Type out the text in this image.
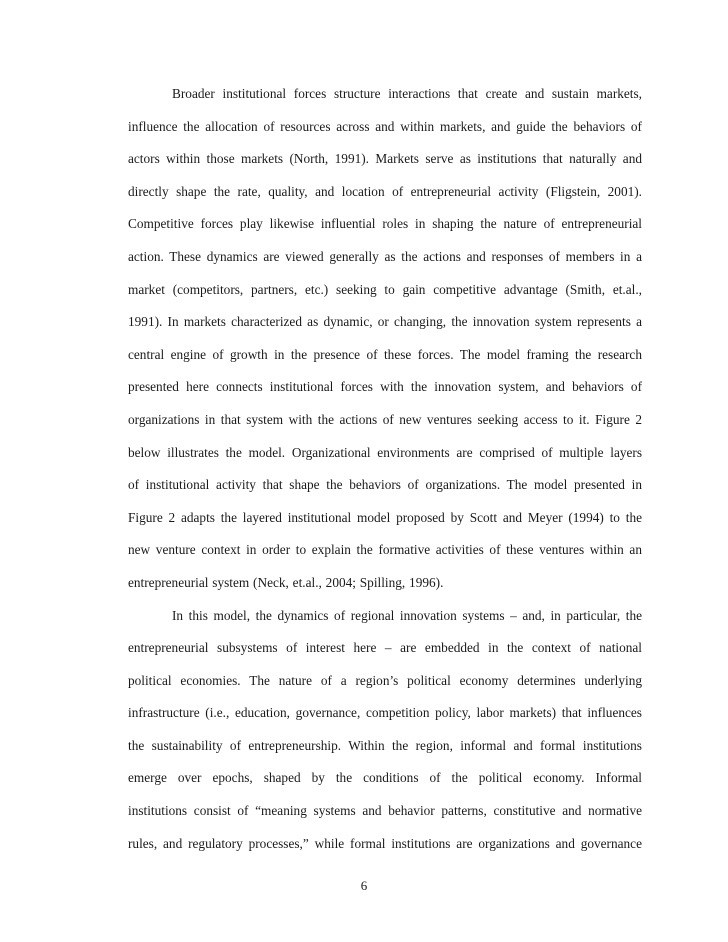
Broader institutional forces structure interactions that create and sustain markets,
influence the allocation of resources across and within markets, and guide the behaviors of
actors within those markets (North, 1991). Markets serve as institutions that naturally and
directly shape the rate, quality, and location of entrepreneurial activity (Fligstein, 2001).
Competitive forces play likewise influential roles in shaping the nature of entrepreneurial
action. These dynamics are viewed generally as the actions and responses of members in a
market (competitors, partners, etc.) seeking to gain competitive advantage (Smith, et.al.,
1991). In markets characterized as dynamic, or changing, the innovation system represents a
central engine of growth in the presence of these forces. The model framing the research
presented here connects institutional forces with the innovation system, and behaviors of
organizations in that system with the actions of new ventures seeking access to it. Figure 2
below illustrates the model. Organizational environments are comprised of multiple layers
of institutional activity that shape the behaviors of organizations. The model presented in
Figure 2 adapts the layered institutional model proposed by Scott and Meyer (1994) to the
new venture context in order to explain the formative activities of these ventures within an
entrepreneurial system (Neck, et.al., 2004; Spilling, 1996).
In this model, the dynamics of regional innovation systems – and, in particular, the
entrepreneurial subsystems of interest here – are embedded in the context of national
political economies. The nature of a region’s political economy determines underlying
infrastructure (i.e., education, governance, competition policy, labor markets) that influences
the sustainability of entrepreneurship. Within the region, informal and formal institutions
emerge over epochs, shaped by the conditions of the political economy. Informal
institutions consist of “meaning systems and behavior patterns, constitutive and normative
rules, and regulatory processes,” while formal institutions are organizations and governance
6
